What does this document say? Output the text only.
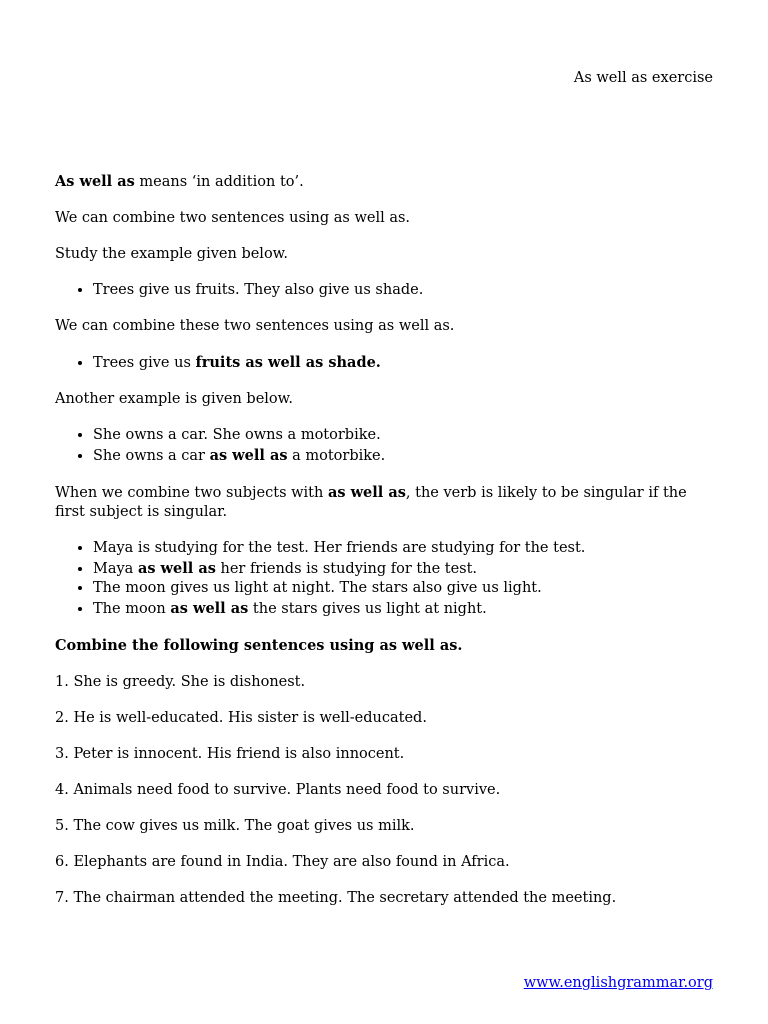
As well as exercise

As well as means ‘in addition to’.

We can combine two sentences using as well as.

Study the example given below.

• Trees give us fruits. They also give us shade.

We can combine these two sentences using as well as.

• Trees give us fruits as well as shade.

Another example is given below.

• She owns a car. She owns a motorbike.
• She owns a car as well as a motorbike.

When we combine two subjects with as well as, the verb is likely to be singular if the first subject is singular.

• Maya is studying for the test. Her friends are studying for the test.
• Maya as well as her friends is studying for the test.
• The moon gives us light at night. The stars also give us light.
• The moon as well as the stars gives us light at night.

Combine the following sentences using as well as.

1. She is greedy. She is dishonest.

2. He is well-educated. His sister is well-educated.

3. Peter is innocent. His friend is also innocent.

4. Animals need food to survive. Plants need food to survive.

5. The cow gives us milk. The goat gives us milk.

6. Elephants are found in India. They are also found in Africa.

7. The chairman attended the meeting. The secretary attended the meeting.

www.englishgrammar.org
